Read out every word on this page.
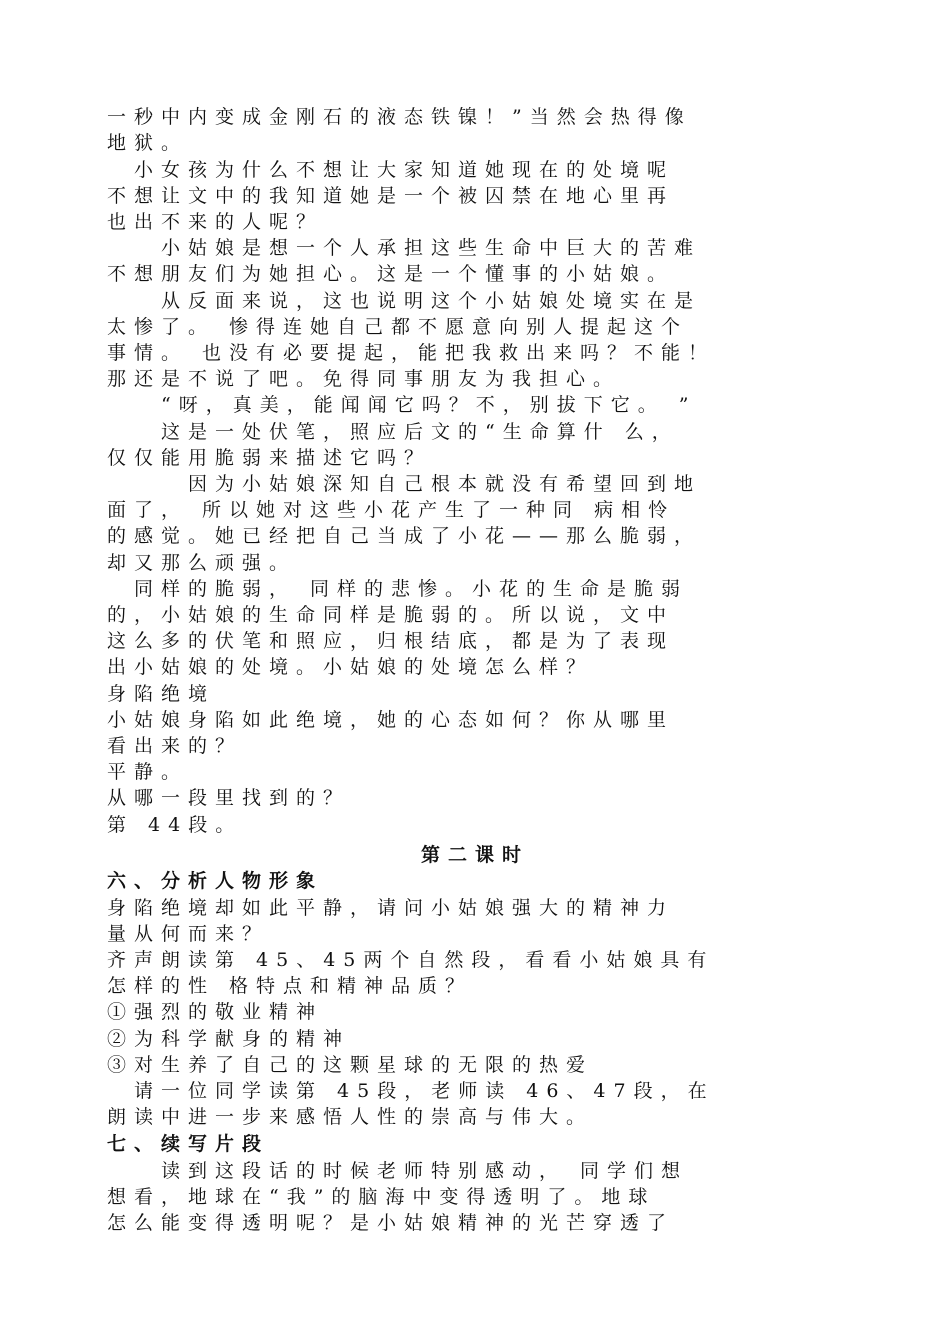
一秒中内变成金刚石的液态铁镍！”当然会热得像
地狱。
　小女孩为什么不想让大家知道她现在的处境呢
不想让文中的我知道她是一个被囚禁在地心里再
也出不来的人呢？
　　小姑娘是想一个人承担这些生命中巨大的苦难
不想朋友们为她担心。这是一个懂事的小姑娘。
　　从反面来说，这也说明这个小姑娘处境实在是
太惨了。 惨得连她自己都不愿意向别人提起这个
事情。 也没有必要提起，能把我救出来吗？不能！
那还是不说了吧。免得同事朋友为我担心。
　　“呀，真美，能闻闻它吗？不，别拔下它。 ”
　　这是一处伏笔，照应后文的“生命算什 么，
仅仅能用脆弱来描述它吗？
　　　因为小姑娘深知自己根本就没有希望回到地
面了， 所以她对这些小花产生了一种同 病相怜
的感觉。她已经把自己当成了小花——那么脆弱，
却又那么顽强。
　同样的脆弱， 同样的悲惨。小花的生命是脆弱
的，小姑娘的生命同样是脆弱的。所以说，文中
这么多的伏笔和照应，归根结底，都是为了表现
出小姑娘的处境。小姑娘的处境怎么样？
身陷绝境
小姑娘身陷如此绝境，她的心态如何？你从哪里
看出来的？
平静。
从哪一段里找到的？
第 44段。
第二课时
六、分析人物形象
身陷绝境却如此平静，请问小姑娘强大的精神力
量从何而来？
齐声朗读第 45、45两个自然段，看看小姑娘具有
怎样的性 格特点和精神品质？
①强烈的敬业精神
②为科学献身的精神
③对生养了自己的这颗星球的无限的热爱
　请一位同学读第 45段，老师读 46、47段，在
朗读中进一步来感悟人性的崇高与伟大。
七、续写片段
　　读到这段话的时候老师特别感动， 同学们想
想看，地球在“我”的脑海中变得透明了。地球
怎么能变得透明呢？是小姑娘精神的光芒穿透了
